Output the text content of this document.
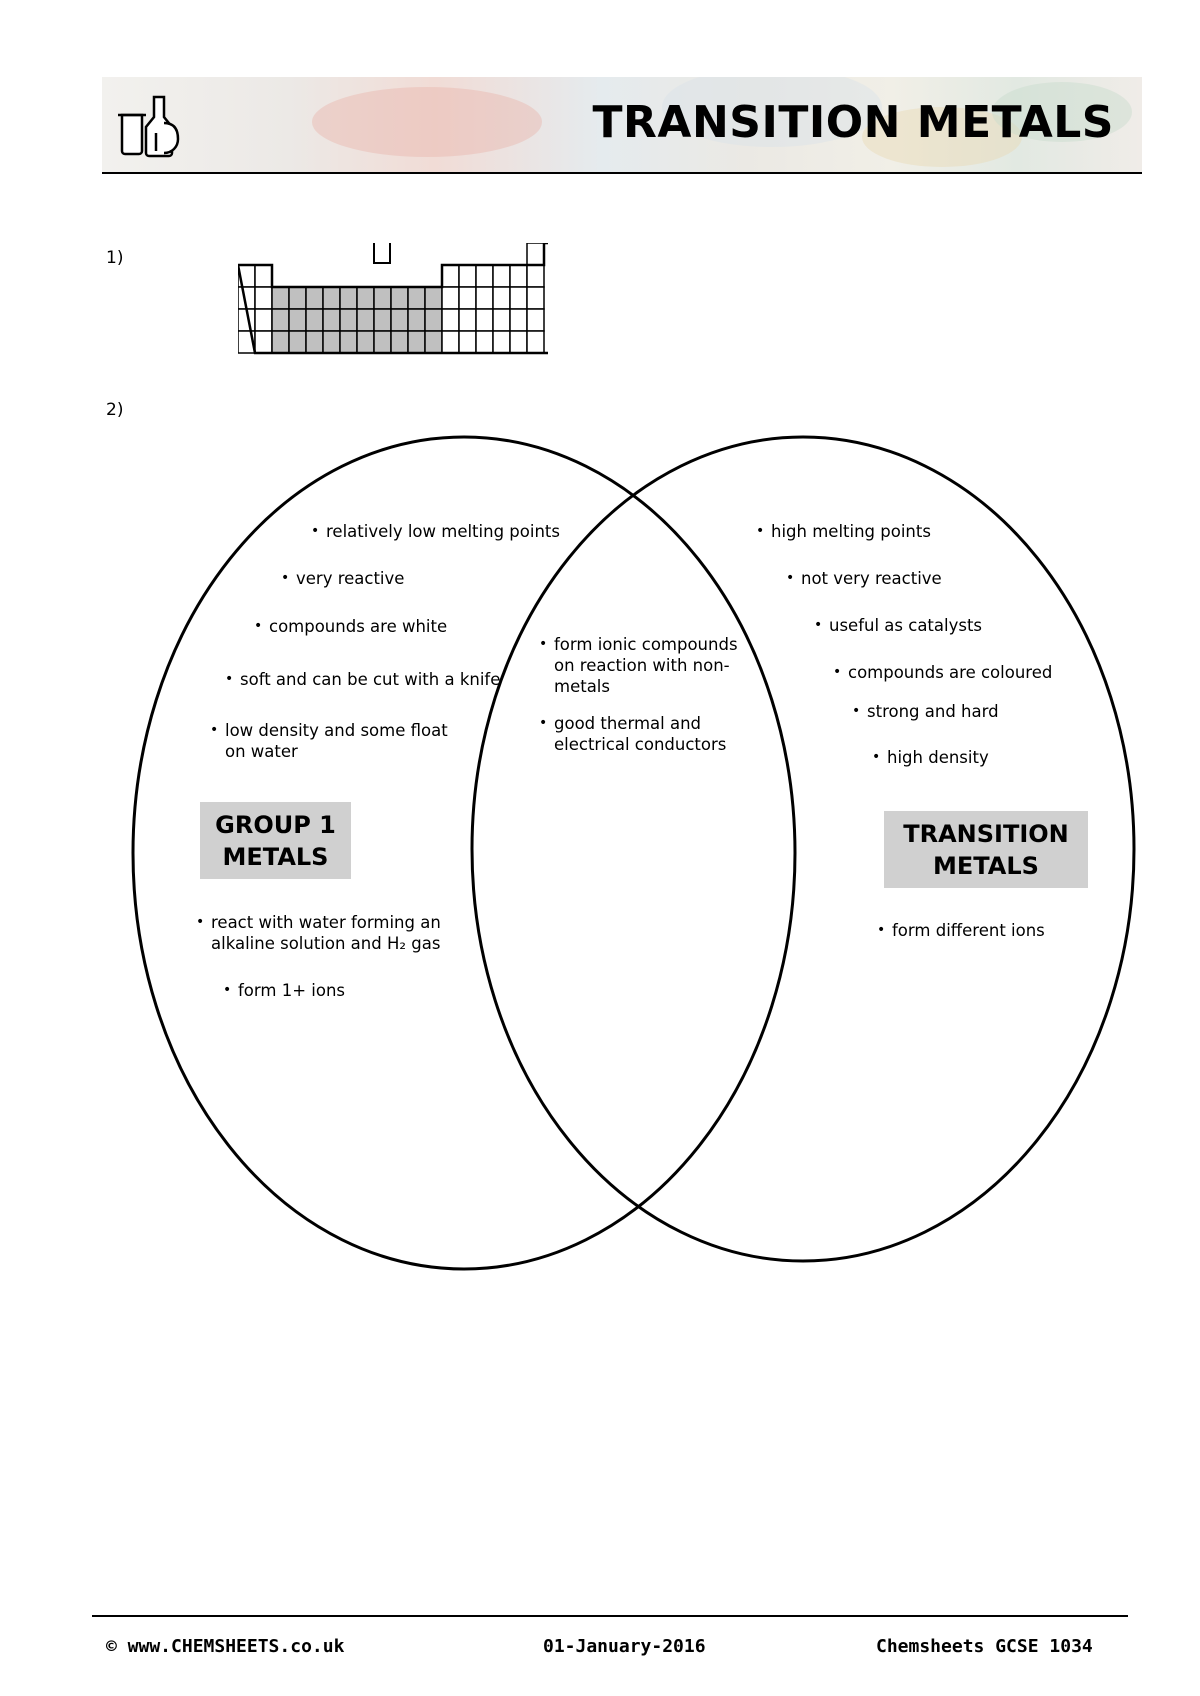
TRANSITION METALS
1)
2)
• relatively low melting points
• very reactive
• compounds are white
• soft and can be cut with a knife
• low density and some float
on water
• react with water forming an
alkaline solution and H₂ gas
• form 1+ ions
GROUP 1
METALS
• form ionic compounds
on reaction with non-
metals
• good thermal and
electrical conductors
• high melting points
• not very reactive
• useful as catalysts
• compounds are coloured
• strong and hard
• high density
• form different ions
TRANSITION
METALS
© www.CHEMSHEETS.co.uk	01-January-2016	Chemsheets GCSE 1034
